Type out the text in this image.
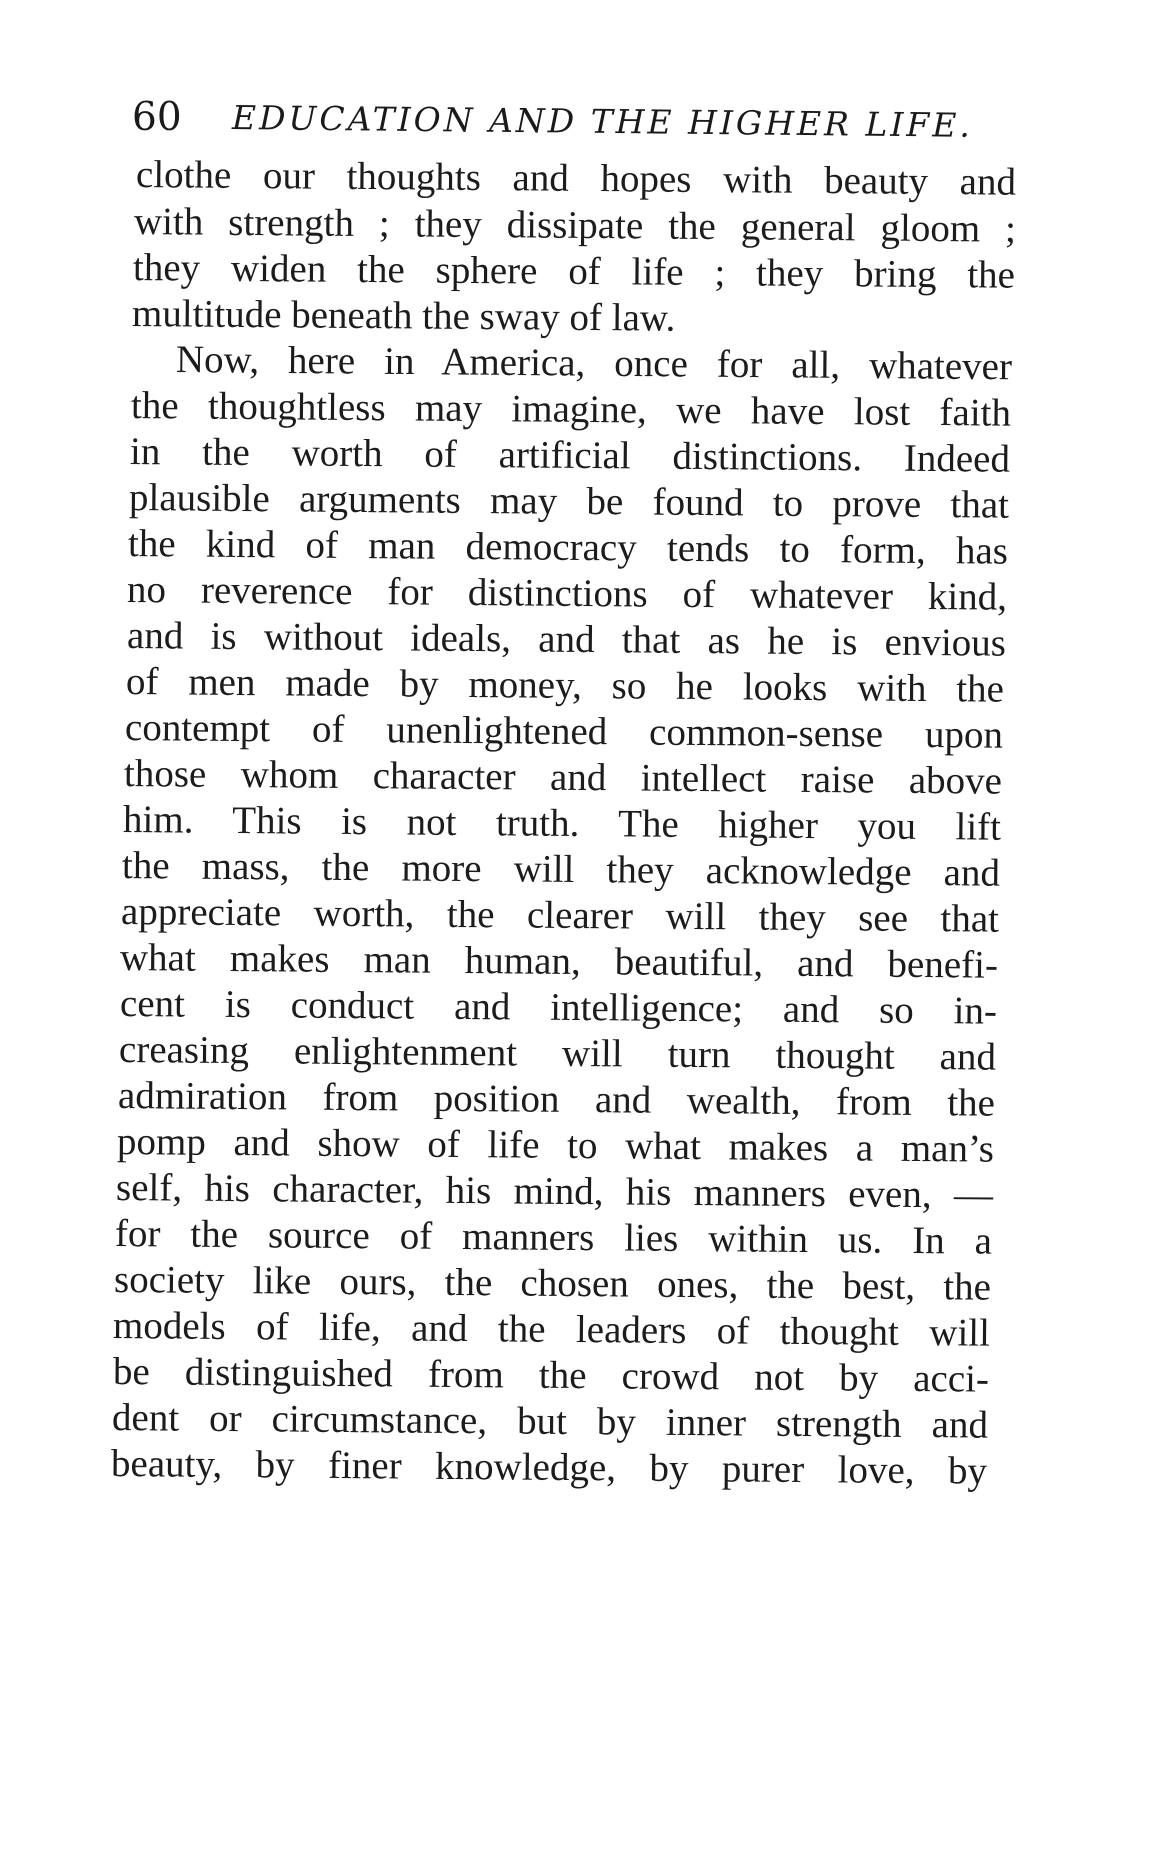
60 EDUCATION AND THE HIGHER LIFE.
clothe our thoughts and hopes with beauty and
with strength ; they dissipate the general gloom ;
they widen the sphere of life ; they bring the
multitude beneath the sway of law.
Now, here in America, once for all, whatever
the thoughtless may imagine, we have lost faith
in the worth of artificial distinctions. Indeed
plausible arguments may be found to prove that
the kind of man democracy tends to form, has
no reverence for distinctions of whatever kind,
and is without ideals, and that as he is envious
of men made by money, so he looks with the
contempt of unenlightened common-sense upon
those whom character and intellect raise above
him. This is not truth. The higher you lift
the mass, the more will they acknowledge and
appreciate worth, the clearer will they see that
what makes man human, beautiful, and benefi-
cent is conduct and intelligence; and so in-
creasing enlightenment will turn thought and
admiration from position and wealth, from the
pomp and show of life to what makes a man’s
self, his character, his mind, his manners even, —
for the source of manners lies within us. In a
society like ours, the chosen ones, the best, the
models of life, and the leaders of thought will
be distinguished from the crowd not by acci-
dent or circumstance, but by inner strength and
beauty, by finer knowledge, by purer love, by
